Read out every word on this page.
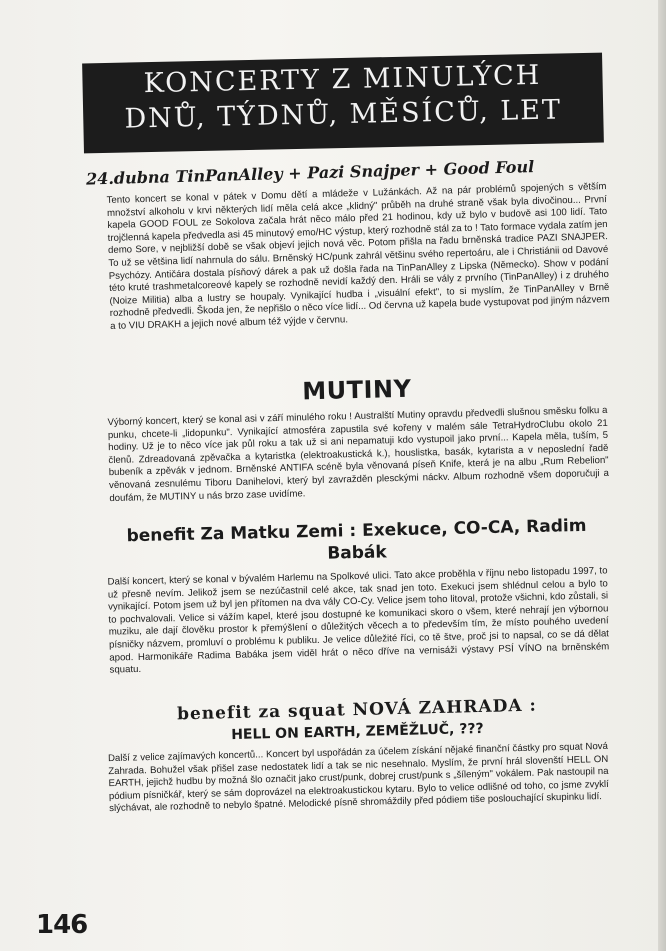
KONCERTY Z MINULÝCH
DNŮ, TÝDNŮ, MĚSÍCŮ, LET
24.dubna TinPanAlley + Pazi Snajper + Good Foul
Tento koncert se konal v pátek v Domu dětí a mládeže v Lužánkách. Až na pár problémů spojených s větším množství alkoholu v krvi některých lidí měla celá akce „klidný" průběh na druhé straně však byla divočinou... První kapela GOOD FOUL ze Sokolova začala hrát něco málo před 21 hodinou, kdy už bylo v budově asi 100 lidí. Tato trojčlenná kapela předvedla asi 45 minutový emo/HC výstup, který rozhodně stál za to ! Tato formace vydala zatím jen demo Sore, v nejbližší době se však objeví jejich nová věc. Potom přišla na řadu brněnská tradice PAZI SNAJPER. To už se většina lidí nahrnula do sálu. Brněnský HC/punk zahrál většinu svého repertoáru, ale i Christiánii od Davové Psychózy. Antičára dostala písňový dárek a pak už došla řada na TinPanAlley z Lipska (Německo). Show v podání této kruté trashmetalcoreové kapely se rozhodně nevidí každý den. Hráli se vály z prvního (TinPanAlley) i z druhého (Noize Militia) alba a lustry se houpaly. Vynikající hudba i „visuální efekt", to si myslím, že TinPanAlley v Brně rozhodně předvedli. Škoda jen, že nepřišlo o něco více lidí... Od června už kapela bude vystupovat pod jiným názvem a to VIU DRAKH a jejich nové album též výjde v červnu.
MUTINY
Výborný koncert, který se konal asi v září minulého roku ! Australští Mutiny opravdu předvedli slušnou směsku folku a punku, chcete-li „lidopunku". Vynikající atmosféra zapustila své kořeny v malém sále TetraHydroClubu okolo 21 hodiny. Už je to něco více jak půl roku a tak už si ani nepamatuji kdo vystupoil jako první... Kapela měla, tuším, 5 členů. Zdreadovaná zpěvačka a kytaristka (elektroakustická k.), houslistka, basák, kytarista a v neposlední řadě bubeník a zpěvák v jednom. Brněnské ANTIFA scéně byla věnovaná píseň Knife, která je na albu „Rum Rebelion" věnovaná zesnulému Tiboru Danihelovi, který byl zavražděn plesckými náckv. Album rozhodně všem doporučuji a doufám, že MUTINY u nás brzo zase uvidíme.
benefit Za Matku Zemi : Exekuce, CO-CA, Radim Babák
Další koncert, který se konal v bývalém Harlemu na Spolkové ulici. Tato akce proběhla v říjnu nebo listopadu 1997, to už přesně nevím. Jelikož jsem se nezúčastnil celé akce, tak snad jen toto. Exekuci jsem shlédnul celou a bylo to vynikající. Potom jsem už byl jen přítomen na dva vály CO-Cy. Velice jsem toho litoval, protože všichni, kdo zůstali, si to pochvalovali. Velice si vážím kapel, které jsou dostupné ke komunikaci skoro o všem, které nehrají jen výbornou muziku, ale dají člověku prostor k přemýšlení o důležitých věcech a to především tím, že místo pouhého uvedení písničky názvem, promluví o problému k publiku. Je velice důležité říci, co tě štve, proč jsi to napsal, co se dá dělat apod. Harmonikáře Radima Babáka jsem viděl hrát o něco dříve na vernisáži výstavy PSÍ VÍNO na brněnském squatu.
benefit za squat NOVÁ ZAHRADA :
HELL ON EARTH, ZEMĚŽLUČ, ???
Další z velice zajímavých koncertů... Koncert byl uspořádán za účelem získání nějaké finanční částky pro squat Nová Zahrada. Bohužel však přišel zase nedostatek lidí a tak se nic nesehnalo. Myslím, že první hrál slovenští HELL ON EARTH, jejichž hudbu by možná šlo označit jako crust/punk, dobrej crust/punk s „šíleným" vokálem. Pak nastoupil na pódium písničkář, který se sám doprovázel na elektroakustickou kytaru. Bylo to velice odlišné od toho, co jsme zvyklí slýchávat, ale rozhodně to nebylo špatné. Melodické písně shromáždily před pódiem tiše poslouchající skupinku lidí.
146
